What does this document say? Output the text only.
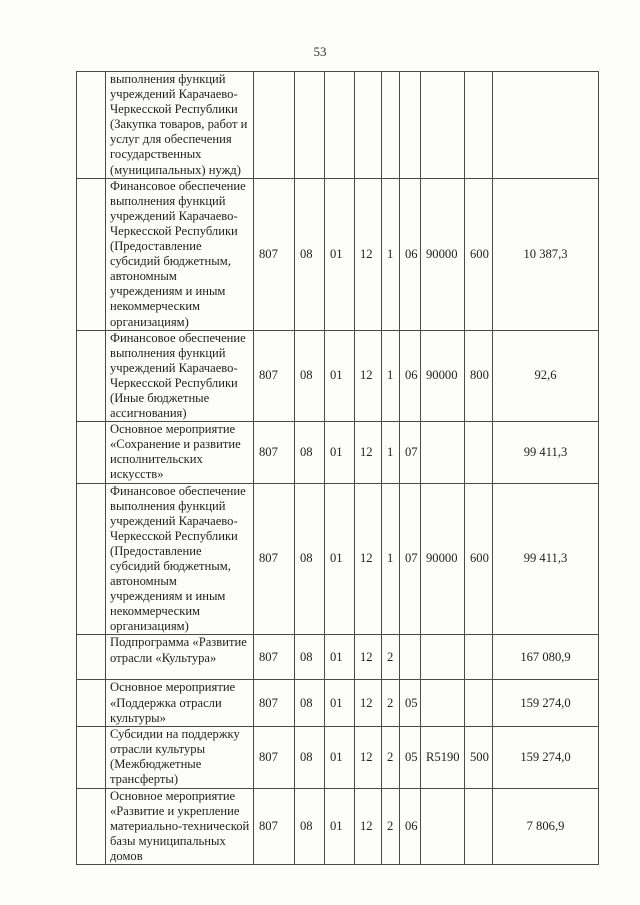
53
	выполнения функций учреждений Карачаево-Черкесской Республики (Закупка товаров, работ и услуг для обеспечения государственных (муниципальных) нужд)									
	Финансовое обеспечение выполнения функций учреждений Карачаево-Черкесской Республики (Предоставление субсидий бюджетным, автономным учреждениям и иным некоммерческим организациям)	807	08	01	12	1	06	90000	600	10 387,3
	Финансовое обеспечение выполнения функций учреждений Карачаево-Черкесской Республики (Иные бюджетные ассигнования)	807	08	01	12	1	06	90000	800	92,6
	Основное мероприятие «Сохранение и развитие исполнительских искусств»	807	08	01	12	1	07			99 411,3
	Финансовое обеспечение выполнения функций учреждений Карачаево-Черкесской Республики (Предоставление субсидий бюджетным, автономным учреждениям и иным некоммерческим организациям)	807	08	01	12	1	07	90000	600	99 411,3
	Подпрограмма «Развитие отрасли «Культура»	807	08	01	12	2				167 080,9
	Основное мероприятие «Поддержка отрасли культуры»	807	08	01	12	2	05			159 274,0
	Субсидии на поддержку отрасли культуры (Межбюджетные трансферты)	807	08	01	12	2	05	R5190	500	159 274,0
	Основное мероприятие «Развитие и укрепление материально-технической базы муниципальных домов	807	08	01	12	2	06			7 806,9
